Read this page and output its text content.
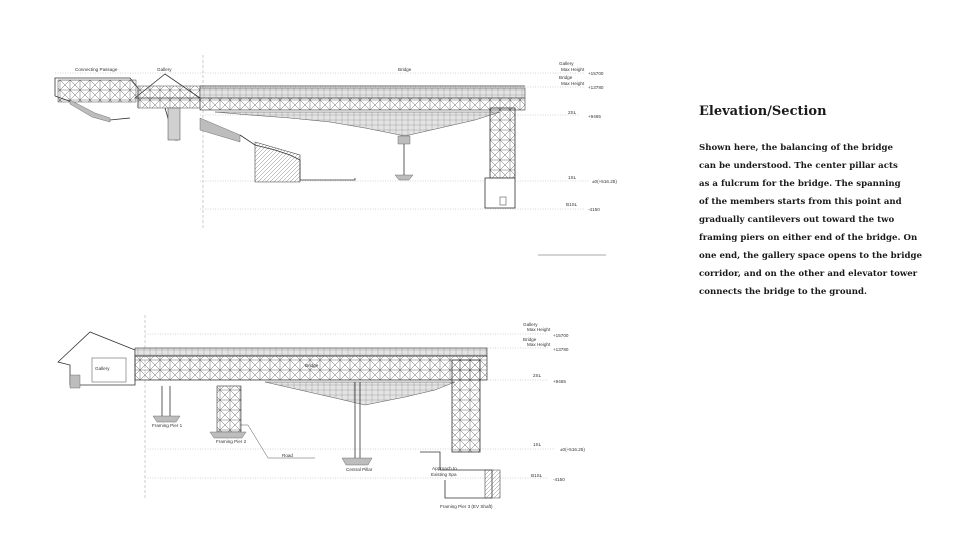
Connecting Passage	Gallery	Bridge
Gallery
Max Height
+15700
Bridge
Max Height
+13780
2SL
+9465
1SL
±0(+516.25)
B1SL
-4150
Gallery
Bridge
Framing Pier 1
Framing Pier 2
Road
Central Pillar	Approach to
Existing Spa
Framing Pier 3 (EV Shaft)
Gallery
Max Height
+15700
Bridge
Max Height
+13780
2SL
+9465
1SL
±0(+516.25)
B1SL
-4150
Elevation/Section
Shown here, the balancing of the bridge
can be understood. The center pillar acts
as a fulcrum for the bridge. The spanning
of the members starts from this point and
gradually cantilevers out toward the two
framing piers on either end of the bridge. On
one end, the gallery space opens to the bridge
corridor, and on the other and elevator tower
connects the bridge to the ground.
